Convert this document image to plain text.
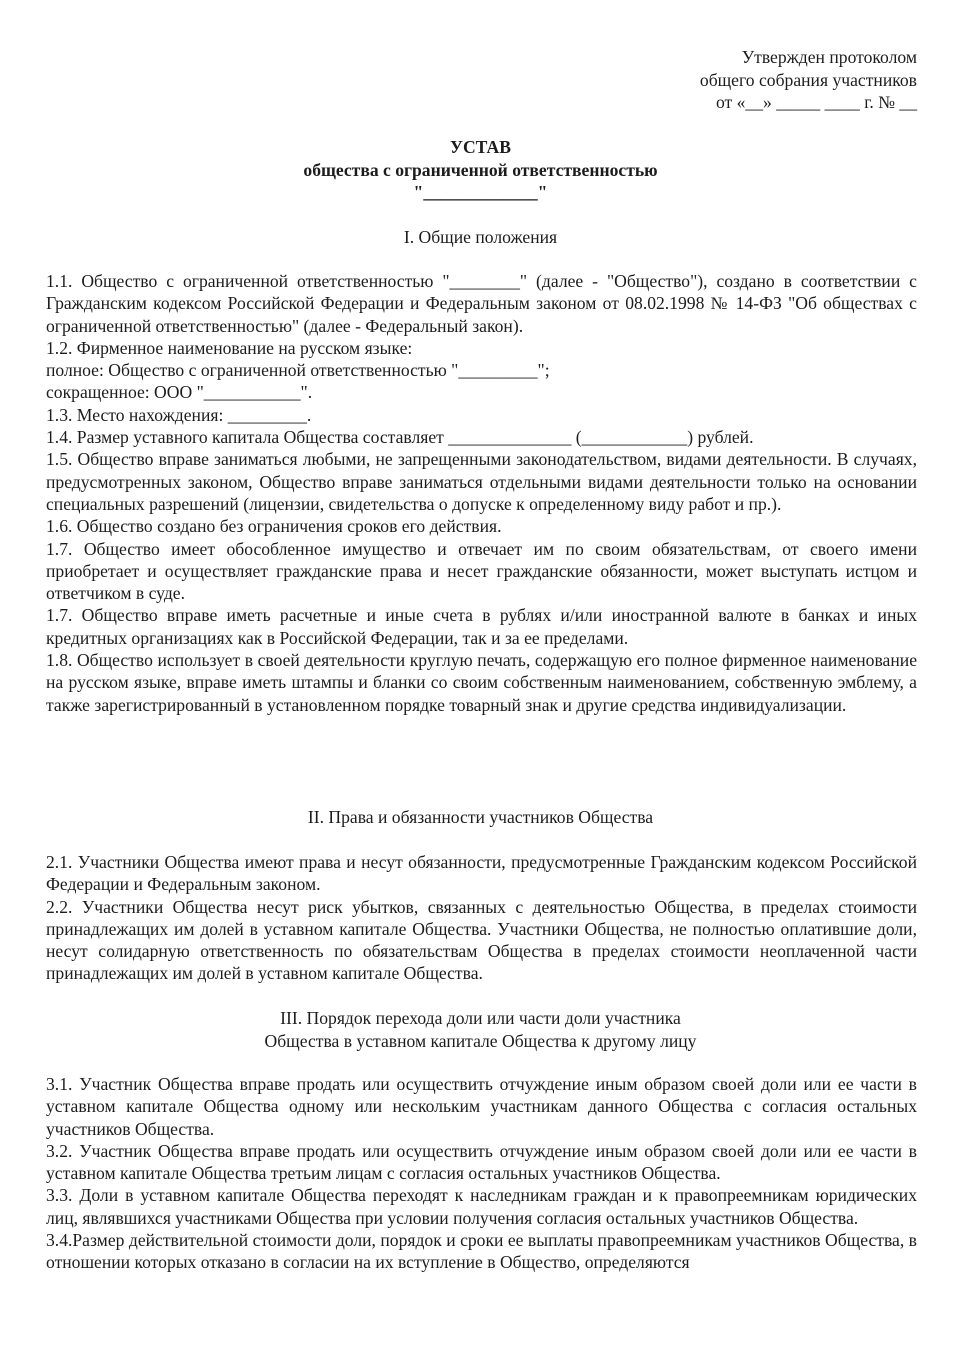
Утвержден протоколом
общего собрания участников
от «__» _____ ____ г. № __
УСТАВ
общества с ограниченной ответственностью
"_____________"
I. Общие положения

1.1. Общество с ограниченной ответственностью "________" (далее - "Общество"), создано в соответствии с Гражданским кодексом Российской Федерации и Федеральным законом от 08.02.1998 № 14-ФЗ "Об обществах с ограниченной ответственностью" (далее - Федеральный закон).

1.2. Фирменное наименование на русском языке:

полное: Общество с ограниченной ответственностью "_________";

сокращенное: ООО "___________".

1.3. Место нахождения: _________.

1.4. Размер уставного капитала Общества составляет ______________ (____________) рублей.

1.5. Общество вправе заниматься любыми, не запрещенными законодательством, видами деятельности. В случаях, предусмотренных законом, Общество вправе заниматься отдельными видами деятельности только на основании специальных разрешений (лицензии, свидетельства о допуске к определенному виду работ и пр.).

1.6. Общество создано без ограничения сроков его действия.

1.7. Общество имеет обособленное имущество и отвечает им по своим обязательствам, от своего имени приобретает и осуществляет гражданские права и несет гражданские обязанности, может выступать истцом и ответчиком в суде.

1.7. Общество вправе иметь расчетные и иные счета в рублях и/или иностранной валюте в банках и иных кредитных организациях как в Российской Федерации, так и за ее пределами.

1.8. Общество использует в своей деятельности круглую печать, содержащую его полное фирменное наименование на русском языке, вправе иметь штампы и бланки со своим собственным наименованием, собственную эмблему, а также зарегистрированный в установленном порядке товарный знак и другие средства индивидуализации.

II. Права и обязанности участников Общества

2.1. Участники Общества имеют права и несут обязанности, предусмотренные Гражданским кодексом Российской Федерации и Федеральным законом.

2.2. Участники Общества несут риск убытков, связанных с деятельностью Общества, в пределах стоимости принадлежащих им долей в уставном капитале Общества. Участники Общества, не полностью оплатившие доли, несут солидарную ответственность по обязательствам Общества в пределах стоимости неоплаченной части принадлежащих им долей в уставном капитале Общества.

III. Порядок перехода доли или части доли участника
Общества в уставном капитале Общества к другому лицу

3.1. Участник Общества вправе продать или осуществить отчуждение иным образом своей доли или ее части в уставном капитале Общества одному или нескольким участникам данного Общества с согласия остальных участников Общества.

3.2. Участник Общества вправе продать или осуществить отчуждение иным образом своей доли или ее части в уставном капитале Общества третьим лицам с согласия остальных участников Общества.

3.3. Доли в уставном капитале Общества переходят к наследникам граждан и к правопреемникам юридических лиц, являвшихся участниками Общества при условии получения согласия остальных участников Общества.

3.4.Размер действительной стоимости доли, порядок и сроки ее выплаты правопреемникам участников Общества, в отношении которых отказано в согласии на их вступление в Общество, определяются
